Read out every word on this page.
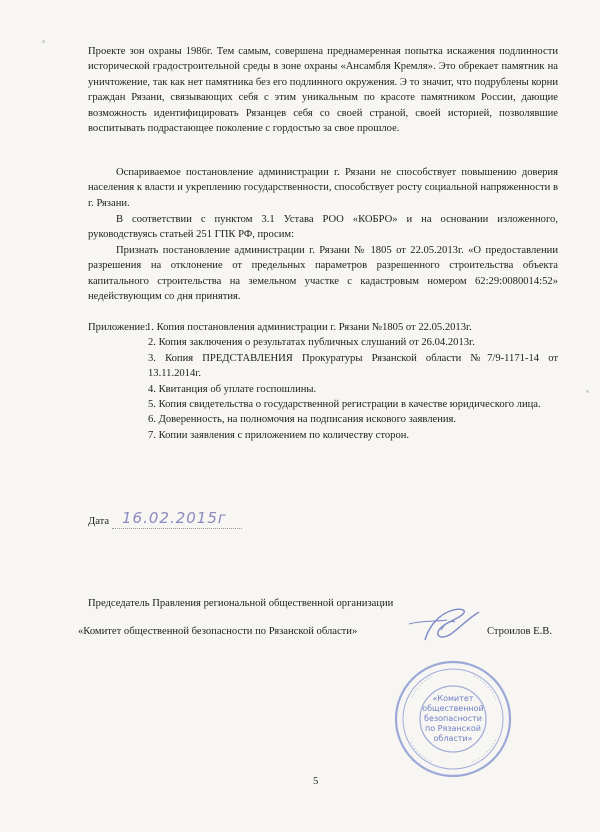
Проекте зон охраны 1986г. Тем самым, совершена преднамеренная попытка искажения подлинности исторической градостроительной среды в зоне охраны «Ансамбля Кремля». Это обрекает памятник на уничтожение, так как нет памятника без его подлинного окружения. Э то значит, что подрублены корни граждан Рязани, связывающих себя с этим уникальным по красоте памятником России, дающие возможность идентифицировать Рязанцев себя со своей страной, своей историей, позволявшие воспитывать подрастающее поколение с гордостью за свое прошлое.

Оспариваемое постановление администрации г. Рязани не способствует повышению доверия населения к власти и укреплению государственности, способствует росту социальной напряженности в г. Рязани.

В соответствии с пунктом 3.1 Устава РОО «КОБРО» и на основании изложенного, руководствуясь статьей 251 ГПК РФ, просим:

Признать постановление администрации г. Рязани № 1805 от 22.05.2013г. «О предоставлении разрешения на отклонение от предельных параметров разрешенного строительства объекта капитального строительства на земельном участке с кадастровым номером 62:29:0080014:52» недействующим со дня принятия.

Приложение:

1. Копия постановления администрации г. Рязани №1805 от 22.05.2013г.

2. Копия заключения о результатах публичных слушаний от 26.04.2013г.

3. Копия ПРЕДСТАВЛЕНИЯ Прокуратуры Рязанской области №7/9-1171-14 от 13.11.2014г.

4. Квитанция об уплате госпошлины.

5. Копия свидетельства о государственной регистрации в качестве юридического лица.

6. Доверенность, на полномочия на подписания искового заявления.

7. Копии заявления с приложением по количеству сторон.

Дата 16.02.2015г
Председатель Правления региональной общественной организации
«Комитет общественной безопасности по Рязанской области»	Строилов Е.В.
«Комитет
общественной
безопасности
по Рязанской
области»
5
